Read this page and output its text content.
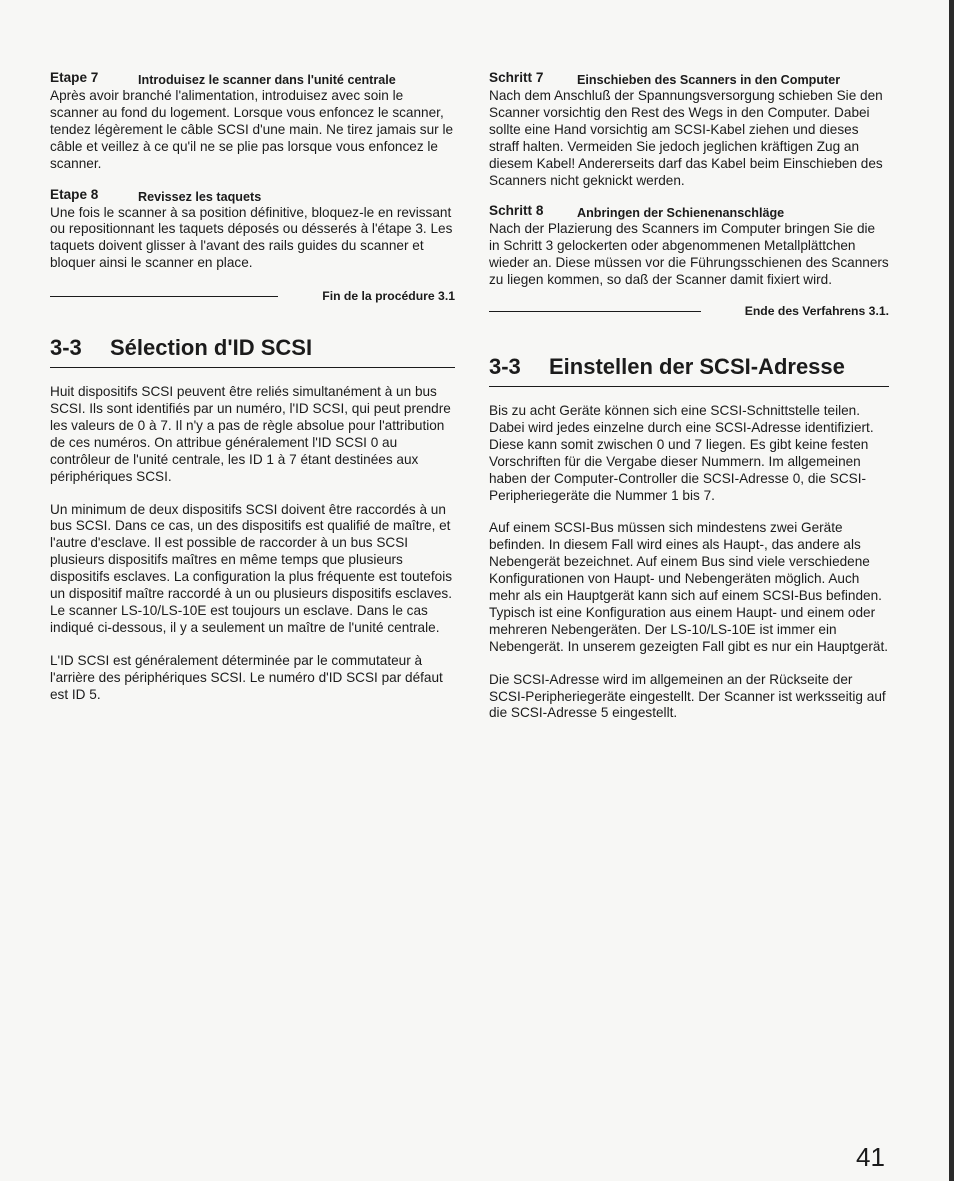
Etape 7	Introduisez le scanner dans l'unité centrale

Après avoir branché l'alimentation, introduisez avec soin le scanner au fond du logement. Lorsque vous enfoncez le scanner, tendez légèrement le câble SCSI d'une main. Ne tirez jamais sur le câble et veillez à ce qu'il ne se plie pas lorsque vous enfoncez le scanner.

Etape 8	Revissez les taquets

Une fois le scanner à sa position définitive, bloquez-le en revissant ou repositionnant les taquets déposés ou désserés à l'étape 3. Les taquets doivent glisser à l'avant des rails guides du scanner et bloquer ainsi le scanner en place.

Fin de la procédure 3.1
3-3	Sélection d'ID SCSI

Huit dispositifs SCSI peuvent être reliés simultanément à un bus SCSI. Ils sont identifiés par un numéro, l'ID SCSI, qui peut prendre les valeurs de 0 à 7. Il n'y a pas de règle absolue pour l'attribution de ces numéros. On attribue généralement l'ID SCSI 0 au contrôleur de l'unité centrale, les ID 1 à 7 étant destinées aux périphériques SCSI.

Un minimum de deux dispositifs SCSI doivent être raccordés à un bus SCSI. Dans ce cas, un des dispositifs est qualifié de maître, et l'autre d'esclave. Il est possible de raccorder à un bus SCSI plusieurs dispositifs maîtres en même temps que plusieurs dispositifs esclaves. La configuration la plus fréquente est toutefois un dispositif maître raccordé à un ou plusieurs dispositifs esclaves. Le scanner LS-10/LS-10E est toujours un esclave. Dans le cas indiqué ci-dessous, il y a seulement un maître de l'unité centrale.

L'ID SCSI est généralement déterminée par le commutateur à l'arrière des périphériques SCSI. Le numéro d'ID SCSI par défaut est ID 5.

Schritt 7	Einschieben des Scanners in den Computer

Nach dem Anschluß der Spannungsversorgung schieben Sie den Scanner vorsichtig den Rest des Wegs in den Computer. Dabei sollte eine Hand vorsichtig am SCSI-Kabel ziehen und dieses straff halten. Vermeiden Sie jedoch jeglichen kräftigen Zug an diesem Kabel! Andererseits darf das Kabel beim Einschieben des Scanners nicht geknickt werden.

Schritt 8	Anbringen der Schienenanschläge

Nach der Plazierung des Scanners im Computer bringen Sie die in Schritt 3 gelockerten oder abgenommenen Metallplättchen wieder an. Diese müssen vor die Führungsschienen des Scanners zu liegen kommen, so daß der Scanner damit fixiert wird.

Ende des Verfahrens 3.1.
3-3	Einstellen der SCSI-Adresse

Bis zu acht Geräte können sich eine SCSI-Schnittstelle teilen. Dabei wird jedes einzelne durch eine SCSI-Adresse identifiziert. Diese kann somit zwischen 0 und 7 liegen. Es gibt keine festen Vorschriften für die Vergabe dieser Nummern. Im allgemeinen haben der Computer-Controller die SCSI-Adresse 0, die SCSI-Peripheriegeräte die Nummer 1 bis 7.

Auf einem SCSI-Bus müssen sich mindestens zwei Geräte befinden. In diesem Fall wird eines als Haupt-, das andere als Nebengerät bezeichnet. Auf einem Bus sind viele verschiedene Konfigurationen von Haupt- und Nebengeräten möglich. Auch mehr als ein Hauptgerät kann sich auf einem SCSI-Bus befinden. Typisch ist eine Konfiguration aus einem Haupt- und einem oder mehreren Nebengeräten. Der LS-10/LS-10E ist immer ein Nebengerät. In unserem gezeigten Fall gibt es nur ein Hauptgerät.

Die SCSI-Adresse wird im allgemeinen an der Rückseite der SCSI-Peripheriegeräte eingestellt. Der Scanner ist werksseitig auf die SCSI-Adresse 5 eingestellt.

41
